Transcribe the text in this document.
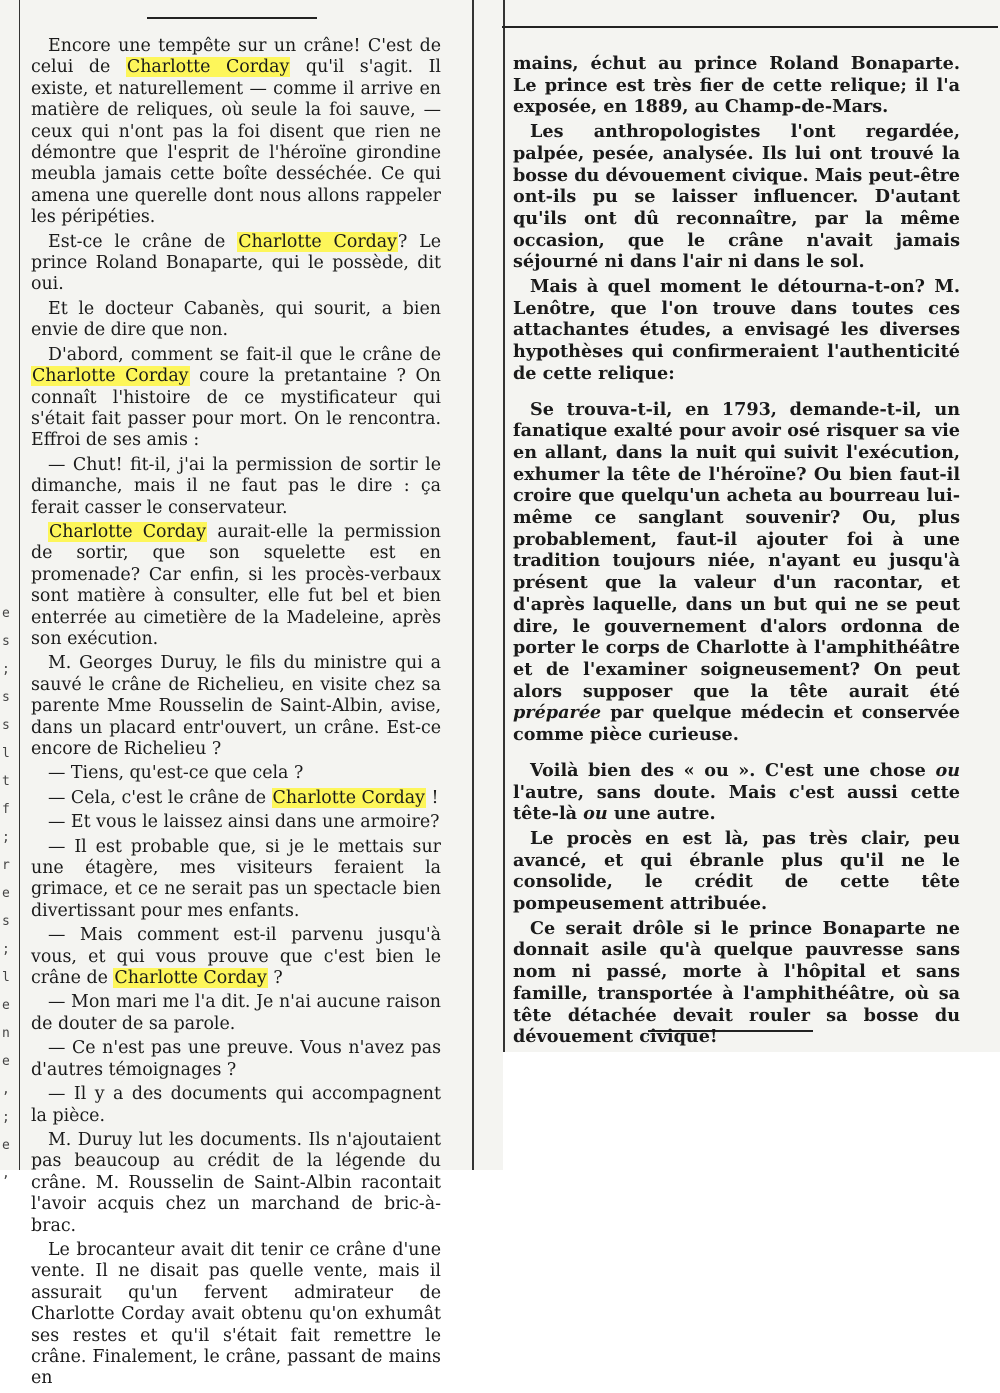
e
s
;
s
s
l
t
f
;
r
e
s
;
l
e
n
e
,
;
e
,

Encore une tempête sur un crâne! C'est de celui de Charlotte Corday qu'il s'agit. Il existe, et naturellement — comme il arrive en matière de reliques, où seule la foi sauve, — ceux qui n'ont pas la foi disent que rien ne démontre que l'esprit de l'héroïne girondine meubla jamais cette boîte desséchée. Ce qui amena une querelle dont nous allons rappeler les péripéties.

Est-ce le crâne de Charlotte Corday? Le prince Roland Bonaparte, qui le possède, dit oui.

Et le docteur Cabanès, qui sourit, a bien envie de dire que non.

D'abord, comment se fait-il que le crâne de Charlotte Corday coure la pretantaine ? On connaît l'histoire de ce mystificateur qui s'était fait passer pour mort. On le rencontra. Effroi de ses amis :

— Chut! fit-il, j'ai la permission de sortir le dimanche, mais il ne faut pas le dire : ça ferait casser le conservateur.

Charlotte Corday aurait-elle la permission de sortir, que son squelette est en promenade? Car enfin, si les procès-verbaux sont matière à consulter, elle fut bel et bien enterrée au cimetière de la Madeleine, après son exécution.

M. Georges Duruy, le fils du ministre qui a sauvé le crâne de Richelieu, en visite chez sa parente Mme Rousselin de Saint-Albin, avise, dans un placard entr'ouvert, un crâne. Est-ce encore de Richelieu ?

— Tiens, qu'est-ce que cela ?

— Cela, c'est le crâne de Charlotte Corday !

— Et vous le laissez ainsi dans une armoire?

— Il est probable que, si je le mettais sur une étagère, mes visiteurs feraient la grimace, et ce ne serait pas un spectacle bien divertissant pour mes enfants.

— Mais comment est-il parvenu jusqu'à vous, et qui vous prouve que c'est bien le crâne de Charlotte Corday ?

— Mon mari me l'a dit. Je n'ai aucune raison de douter de sa parole.

— Ce n'est pas une preuve. Vous n'avez pas d'autres témoignages ?

— Il y a des documents qui accompagnent la pièce.

M. Duruy lut les documents. Ils n'ajoutaient pas beaucoup au crédit de la légende du crâne. M. Rousselin de Saint-Albin racontait l'avoir acquis chez un marchand de bric-à-brac.

Le brocanteur avait dit tenir ce crâne d'une vente. Il ne disait pas quelle vente, mais il assurait qu'un fervent admirateur de Charlotte Corday avait obtenu qu'on exhumât ses restes et qu'il s'était fait remettre le crâne. Finalement, le crâne, passant de mains en

mains, échut au prince Roland Bonaparte. Le prince est très fier de cette relique; il l'a exposée, en 1889, au Champ-de-Mars.

Les anthropologistes l'ont regardée, palpée, pesée, analysée. Ils lui ont trouvé la bosse du dévouement civique. Mais peut-être ont-ils pu se laisser influencer. D'autant qu'ils ont dû reconnaître, par la même occasion, que le crâne n'avait jamais séjourné ni dans l'air ni dans le sol.

Mais à quel moment le détourna-t-on? M. Lenôtre, que l'on trouve dans toutes ces attachantes études, a envisagé les diverses hypothèses qui confirmeraient l'authenticité de cette relique:

Se trouva-t-il, en 1793, demande-t-il, un fanatique exalté pour avoir osé risquer sa vie en allant, dans la nuit qui suivit l'exécution, exhumer la tête de l'héroïne? Ou bien faut-il croire que quelqu'un acheta au bourreau lui-même ce sanglant souvenir? Ou, plus probablement, faut-il ajouter foi à une tradition toujours niée, n'ayant eu jusqu'à présent que la valeur d'un racontar, et d'après laquelle, dans un but qui ne se peut dire, le gouvernement d'alors ordonna de porter le corps de Charlotte à l'amphithéâtre et de l'examiner soigneusement? On peut alors supposer que la tête aurait été préparée par quelque médecin et conservée comme pièce curieuse.

Voilà bien des « ou ». C'est une chose ou l'autre, sans doute. Mais c'est aussi cette tête-là ou une autre.

Le procès en est là, pas très clair, peu avancé, et qui ébranle plus qu'il ne le consolide, le crédit de cette tête pompeusement attribuée.

Ce serait drôle si le prince Bonaparte ne donnait asile qu'à quelque pauvresse sans nom ni passé, morte à l'hôpital et sans famille, transportée à l'amphithéâtre, où sa tête détachée devait rouler sa bosse du dévouement civique!
